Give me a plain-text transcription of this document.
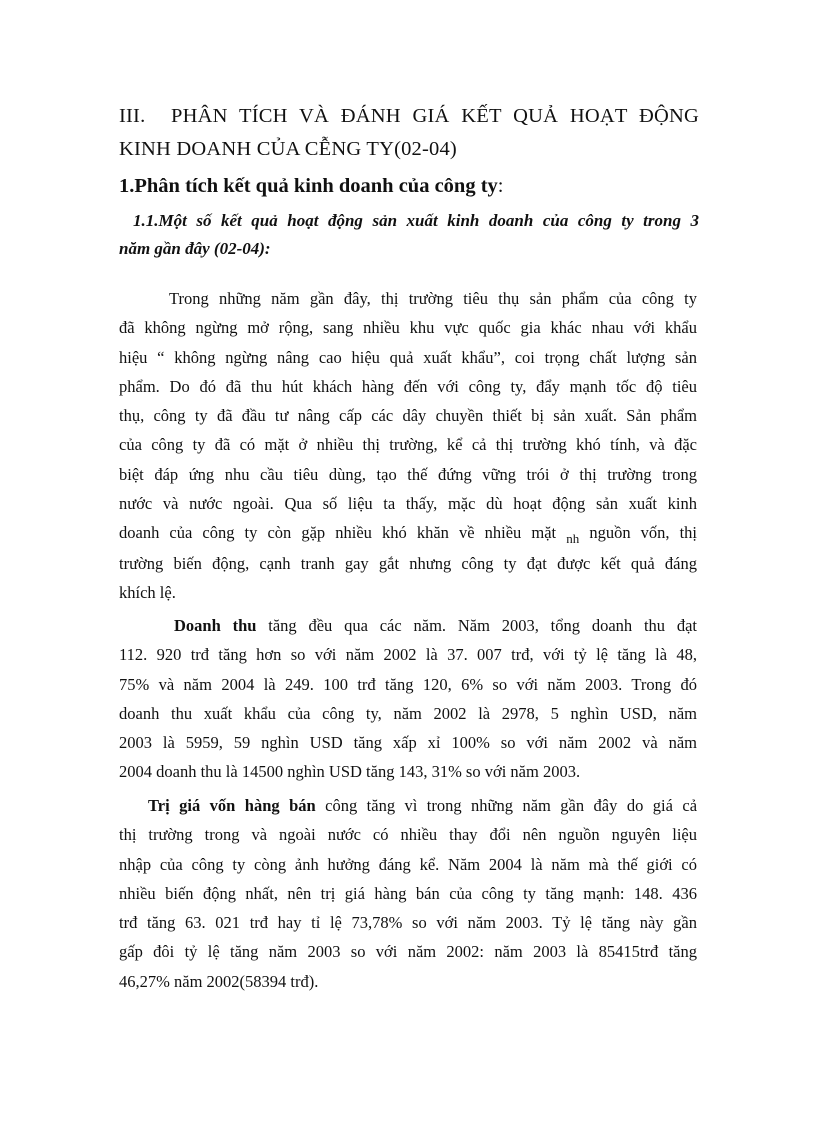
III. PHÂN TÍCH VÀ ĐÁNH GIÁ KẾT QUẢ HOẠT ĐỘNG
KINH DOANH CỦA CỄNG TY(02-04)
1.Phân tích kết quả kinh doanh của công ty:
1.1.Một số kết quả hoạt động sản xuất kinh doanh của công ty trong 3
năm gần đây (02-04):
Trong những năm gần đây, thị trường tiêu thụ sản phẩm của công ty
đã không ngừng mở rộng, sang nhiều khu vực quốc gia khác nhau với khẩu
hiệu “ không ngừng nâng cao hiệu quả xuất khẩu”, coi trọng chất lượng sản
phẩm. Do đó đã thu hút khách hàng đến với công ty, đẩy mạnh tốc độ tiêu
thụ, công ty đã đầu tư nâng cấp các dây chuyền thiết bị sản xuất. Sản phẩm
của công ty đã có mặt ở nhiều thị trường, kể cả thị trường khó tính, và đặc
biệt đáp ứng nhu cầu tiêu dùng, tạo thế đứng vững trói ở thị trường trong
nước và nước ngoài. Qua số liệu ta thấy, mặc dù hoạt động sản xuất kinh
doanh của công ty còn gặp nhiều khó khăn về nhiều mặt $_{nh}$ nguồn vốn, thị
trường biến động, cạnh tranh gay gắt nhưng công ty đạt được kết quả đáng
khích lệ.
Doanh thu tăng đều qua các năm. Năm 2003, tổng doanh thu đạt
112. 920 trđ tăng hơn so với năm 2002 là 37. 007 trđ, với tỷ lệ tăng là 48,
75% và năm 2004 là 249. 100 trđ tăng 120, 6% so với năm 2003. Trong đó
doanh thu xuất khẩu của công ty, năm 2002 là 2978, 5 nghìn USD, năm
2003 là 5959, 59 nghìn USD tăng xấp xỉ 100% so với năm 2002 và năm
2004 doanh thu là 14500 nghìn USD tăng 143, 31% so với năm 2003.
Trị giá vốn hàng bán công tăng vì trong những năm gần đây do giá cả
thị trường trong và ngoài nước có nhiều thay đổi nên nguồn nguyên liệu
nhập của công ty còng ảnh hưởng đáng kể. Năm 2004 là năm mà thế giới có
nhiều biến động nhất, nên trị giá hàng bán của công ty tăng mạnh: 148. 436
trđ tăng 63. 021 trđ hay tỉ lệ 73,78% so với năm 2003. Tỷ lệ tăng này gần
gấp đôi tỷ lệ tăng năm 2003 so với năm 2002: năm 2003 là 85415trđ tăng
46,27% năm 2002(58394 trđ).
